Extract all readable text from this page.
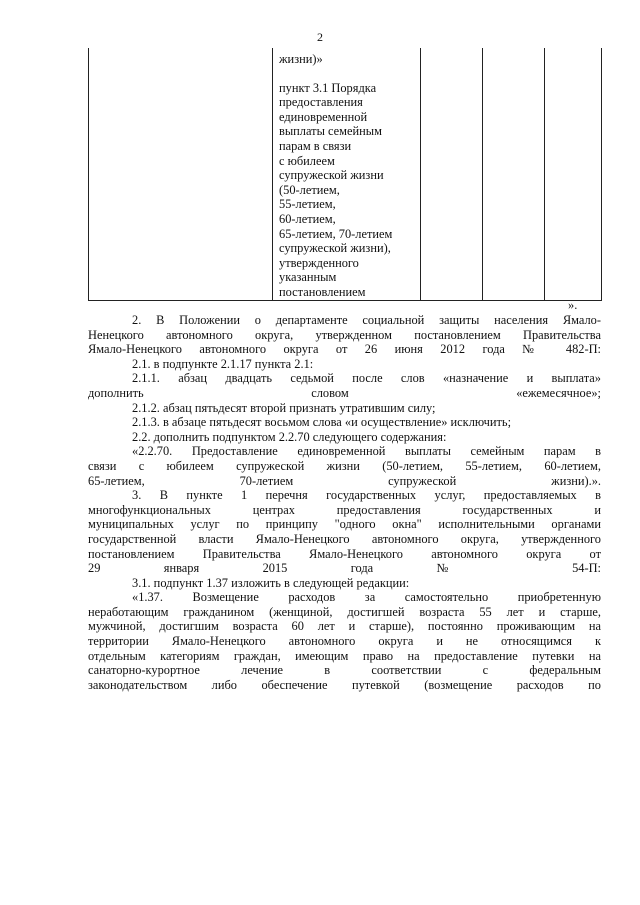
2
жизни)»
пункт 3.1 Порядка
предоставления
единовременной
выплаты семейным
парам в связи
с юбилеем
супружеской жизни
(50-летием,
55-летием,
60-летием,
65-летием, 70-летием
супружеской жизни),
утвержденного
указанным
постановлением
».

2. В Положении о департаменте социальной защиты населения Ямало-
Ненецкого автономного округа, утвержденном постановлением Правительства
Ямало-Ненецкого автономного округа от 26 июня 2012 года № 482-П:

2.1. в подпункте 2.1.17 пункта 2.1:

2.1.1. абзац двадцать седьмой после слов «назначение и выплата»
дополнить словом «ежемесячное»;

2.1.2. абзац пятьдесят второй признать утратившим силу;

2.1.3. в абзаце пятьдесят восьмом слова «и осуществление» исключить;

2.2. дополнить подпунктом 2.2.70 следующего содержания:

«2.2.70. Предоставление единовременной выплаты семейным парам в
связи с юбилеем супружеской жизни (50-летием, 55-летием, 60-летием,
65-летием, 70-летием супружеской жизни).».

3. В пункте 1 перечня государственных услуг, предоставляемых в
многофункциональных центрах предоставления государственных и
муниципальных услуг по принципу "одного окна" исполнительными органами
государственной власти Ямало-Ненецкого автономного округа, утвержденного
постановлением Правительства Ямало-Ненецкого автономного округа от
29 января 2015 года № 54-П:

3.1. подпункт 1.37 изложить в следующей редакции:

«1.37. Возмещение расходов за самостоятельно приобретенную
неработающим гражданином (женщиной, достигшей возраста 55 лет и старше,
мужчиной, достигшим возраста 60 лет и старше), постоянно проживающим на
территории Ямало-Ненецкого автономного округа и не относящимся к
отдельным категориям граждан, имеющим право на предоставление путевки на
санаторно-курортное лечение в соответствии с федеральным
законодательством либо обеспечение путевкой (возмещение расходов по
